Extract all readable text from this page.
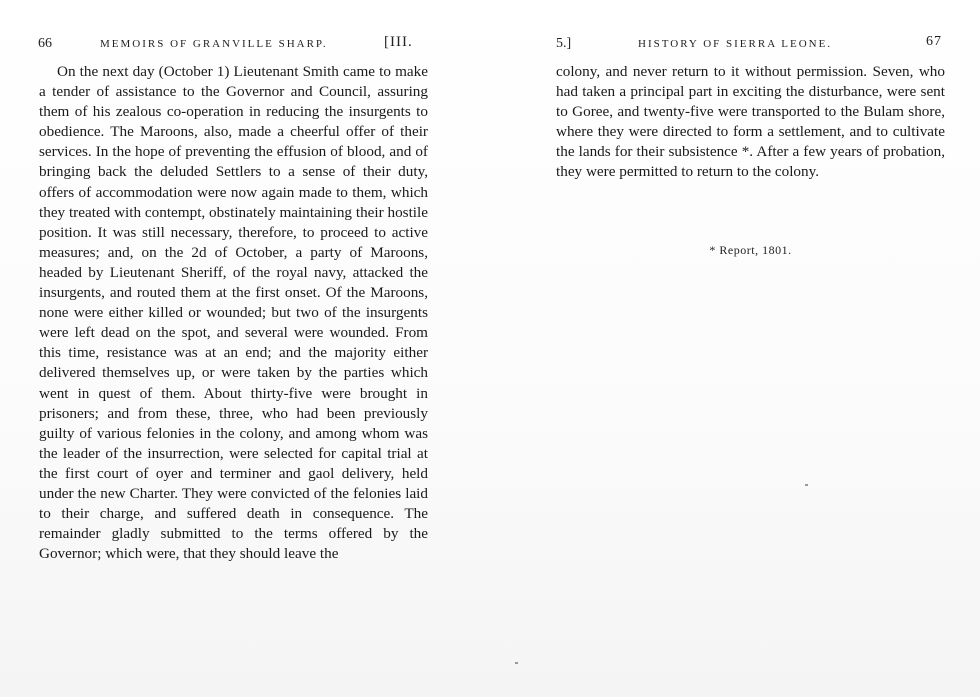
66	MEMOIRS OF GRANVILLE SHARP.	[III.
On the next day (October 1) Lieutenant Smith came to make a tender of assistance to the Governor and Council, assuring them of his zealous co-operation in reducing the insurgents to obedience. The Maroons, also, made a cheerful offer of their services. In the hope of preventing the effusion of blood, and of bringing back the deluded Settlers to a sense of their duty, offers of accommodation were now again made to them, which they treated with contempt, obstinately maintaining their hostile position. It was still necessary, therefore, to proceed to active measures; and, on the 2d of October, a party of Maroons, headed by Lieutenant Sheriff, of the royal navy, attacked the insurgents, and routed them at the first onset. Of the Maroons, none were either killed or wounded; but two of the insurgents were left dead on the spot, and several were wounded. From this time, resistance was at an end; and the majority either delivered themselves up, or were taken by the parties which went in quest of them. About thirty-five were brought in prisoners; and from these, three, who had been previously guilty of various felonies in the colony, and among whom was the leader of the insurrection, were selected for capital trial at the first court of oyer and terminer and gaol delivery, held under the new Charter. They were convicted of the felonies laid to their charge, and suffered death in consequence. The remainder gladly submitted to the terms offered by the Governor; which were, that they should leave the
5.]	HISTORY OF SIERRA LEONE.	67
colony, and never return to it without permission. Seven, who had taken a principal part in exciting the disturbance, were sent to Goree, and twenty-five were transported to the Bulam shore, where they were directed to form a settlement, and to cultivate the lands for their subsistence *. After a few years of probation, they were permitted to return to the colony.
* Report, 1801.
